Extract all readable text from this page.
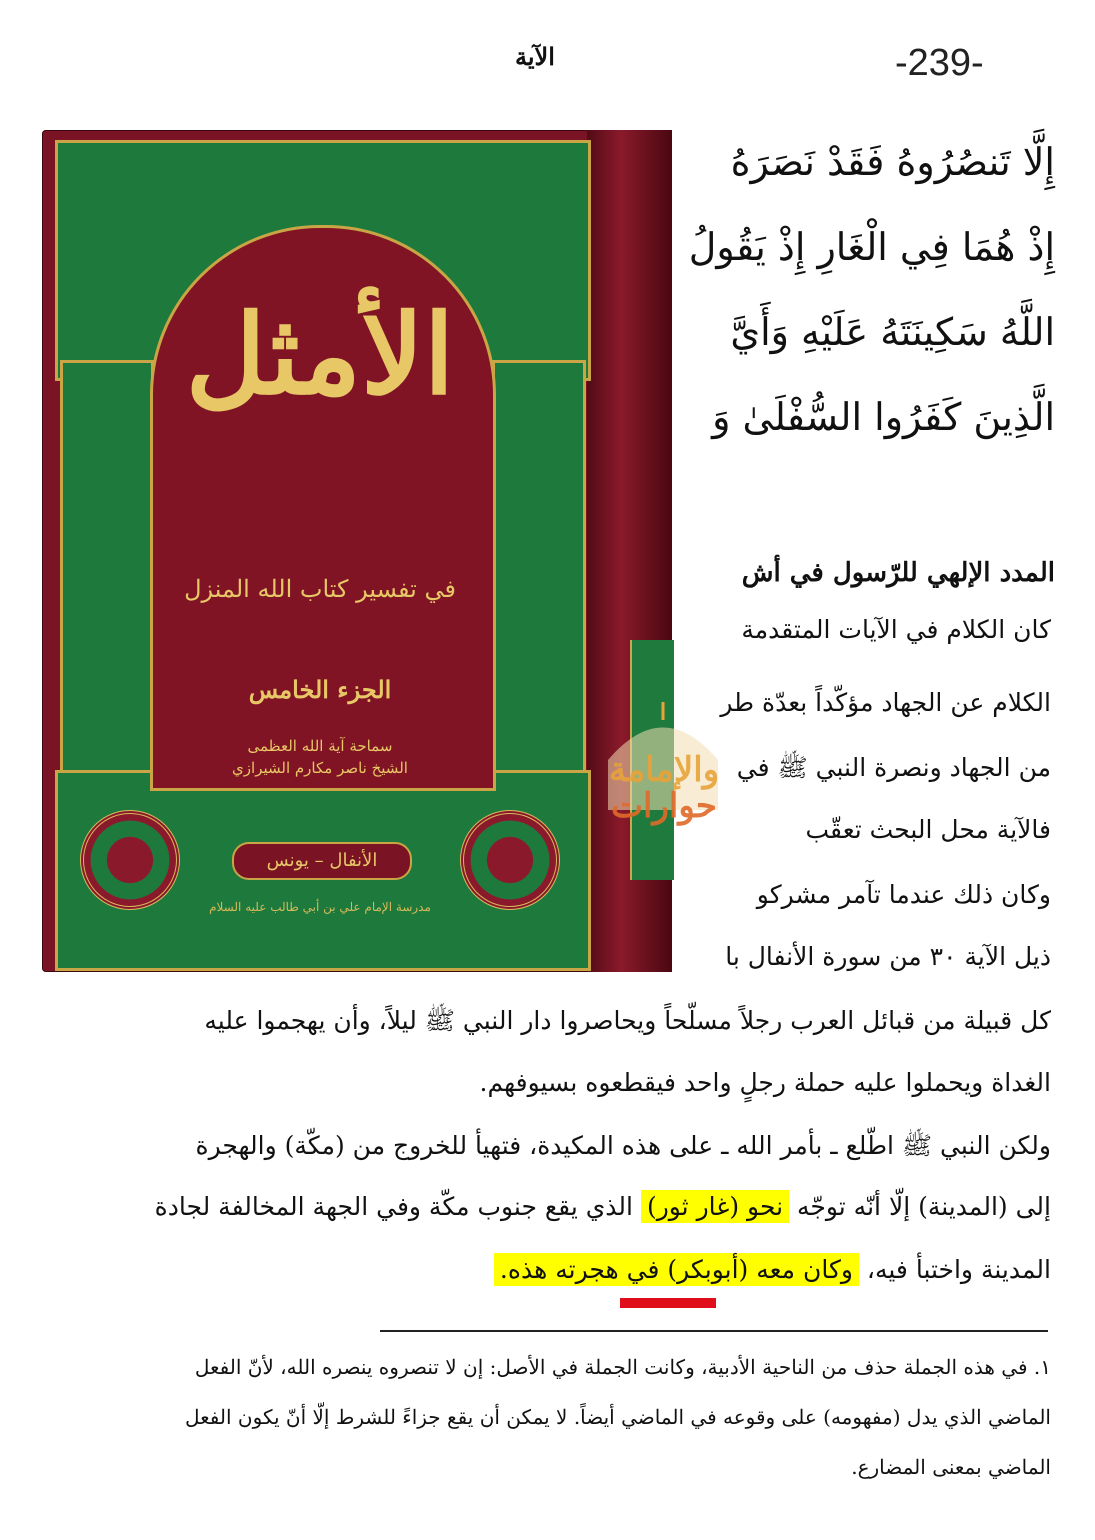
-239-
الآية
إِلَّا تَنصُرُوهُ فَقَدْ نَصَرَهُ
إِذْ هُمَا فِي الْغَارِ إِذْ يَقُولُ
اللَّهُ سَكِينَتَهُ عَلَيْهِ وَأَيَّ
الَّذِينَ كَفَرُوا السُّفْلَىٰ وَ
المدد الإلهي للرّسول في أش
كان الكلام في الآيات المتقدمة
الكلام عن الجهاد مؤكّداً بعدّة طر
من الجهاد ونصرة النبي ﷺ في
فالآية محل البحث تعقّب
وكان ذلك عندما تآمر مشركو
ذيل الآية ٣٠ من سورة الأنفال با
كل قبيلة من قبائل العرب رجلاً مسلّحاً ويحاصروا دار النبي ﷺ ليلاً، وأن يهجموا عليه
الغداة ويحملوا عليه حملة رجلٍ واحد فيقطعوه بسيوفهم.
ولكن النبي ﷺ اطّلع ـ بأمر الله ـ على هذه المكيدة، فتهيأ للخروج من (مكّة) والهجرة
إلى (المدينة) إلّا أنّه توجّه نحو (غار ثور) الذي يقع جنوب مكّة وفي الجهة المخالفة لجادة
المدينة واختبأ فيه، وكان معه (أبوبكر) في هجرته هذه.
١. في هذه الجملة حذف من الناحية الأدبية، وكانت الجملة في الأصل: إن لا تنصروه ينصره الله، لأنّ الفعل
الماضي الذي يدل (مفهومه) على وقوعه في الماضي أيضاً. لا يمكن أن يقع جزاءً للشرط إلّا أنّ يكون الفعل
الماضي بمعنى المضارع.
الأمثل
في تفسير كتاب الله المنزل
الجزء الخامس
سماحة آية الله العظمى
الشيخ ناصر مكارم الشيرازي
الأنفال – يونس
مدرسة الإمام علي بن أبي طالب عليه السلام
والإمامة
حوارات
